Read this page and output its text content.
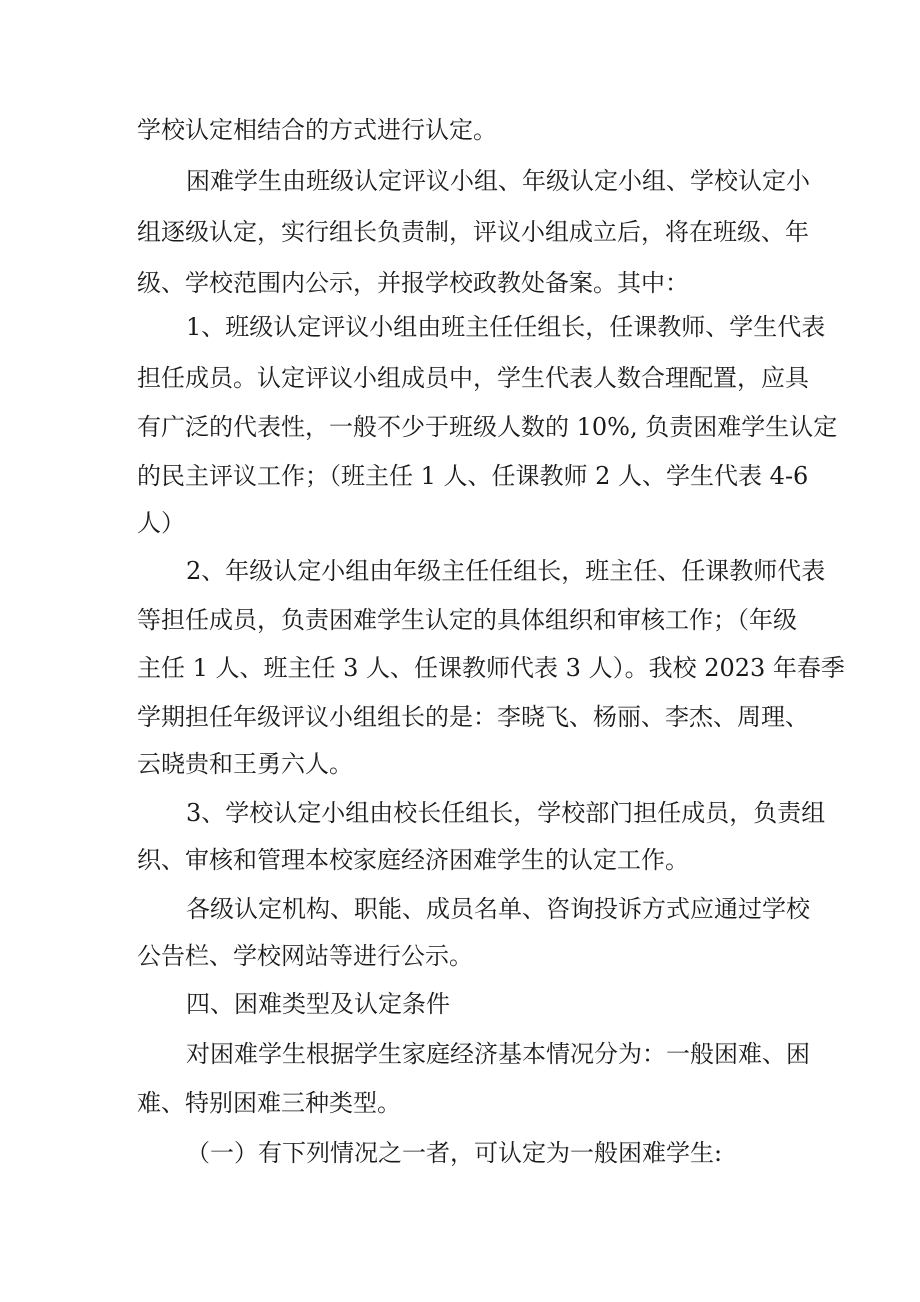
学校认定相结合的方式进行认定。

困难学生由班级认定评议小组、年级认定小组、学校认定小

组逐级认定，实行组长负责制，评议小组成立后，将在班级、年

级、学校范围内公示，并报学校政教处备案。其中：

1、班级认定评议小组由班主任任组长，任课教师、学生代表

担任成员。认定评议小组成员中，学生代表人数合理配置，应具

有广泛的代表性，一般不少于班级人数的 10%, 负责困难学生认定

的民主评议工作；（班主任 1 人、任课教师 2 人、学生代表 4-6

人）

2、年级认定小组由年级主任任组长，班主任、任课教师代表

等担任成员，负责困难学生认定的具体组织和审核工作；（年级

主任 1 人、班主任 3 人、任课教师代表 3 人）。我校 2023 年春季

学期担任年级评议小组组长的是：李晓飞、杨丽、李杰、周理、

云晓贵和王勇六人。

3、学校认定小组由校长任组长，学校部门担任成员，负责组

织、审核和管理本校家庭经济困难学生的认定工作。

各级认定机构、职能、成员名单、咨询投诉方式应通过学校

公告栏、学校网站等进行公示。

四、困难类型及认定条件

对困难学生根据学生家庭经济基本情况分为：一般困难、困

难、特别困难三种类型。

（一）有下列情况之一者，可认定为一般困难学生:
